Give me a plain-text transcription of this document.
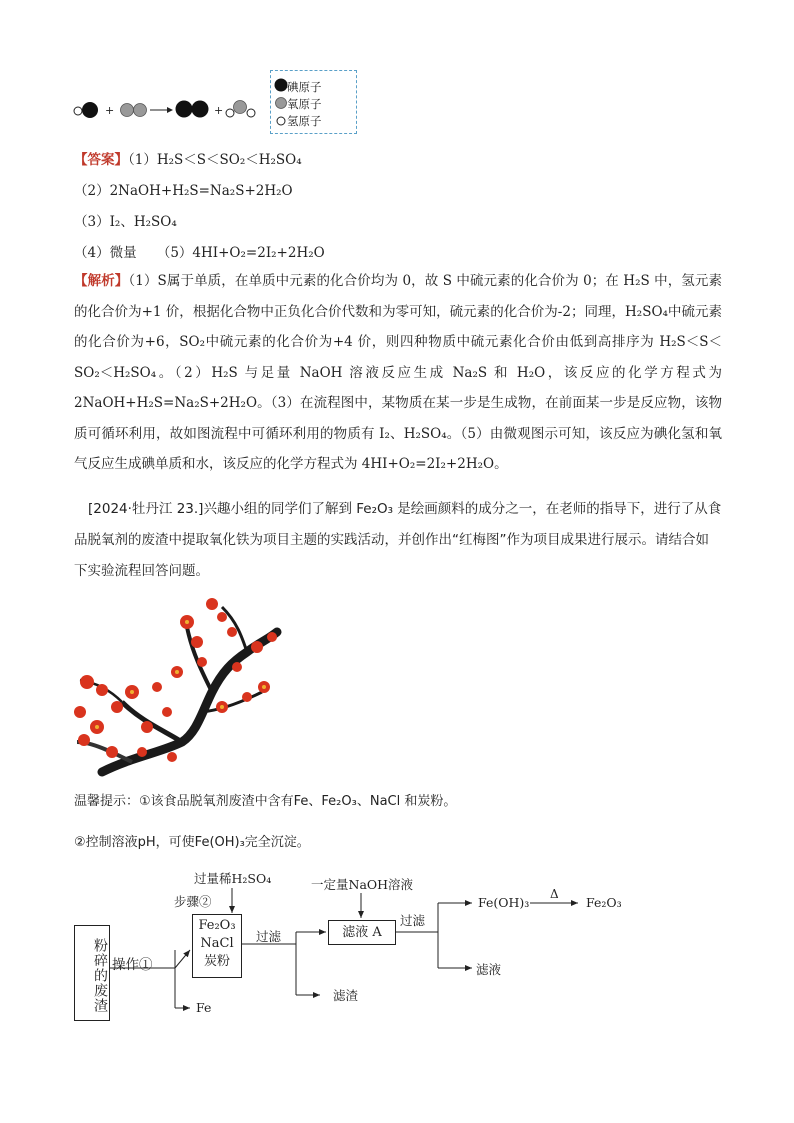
+	+
碘原子
氧原子
氢原子
【答案】（1）H₂S＜S＜SO₂＜H₂SO₄
（2）2NaOH+H₂S=Na₂S+2H₂O
（3）I₂、H₂SO₄
（4）微量　　（5）4HI+O₂=2I₂+2H₂O
【解析】（1）S属于单质，在单质中元素的化合价均为 0，故 S 中硫元素的化合价为 0；在 H₂S 中，氢元素的化合价为+1 价，根据化合物中正负化合价代数和为零可知，硫元素的化合价为-2；同理，H₂SO₄中硫元素的化合价为+6，SO₂中硫元素的化合价为+4 价，则四种物质中硫元素化合价由低到高排序为 H₂S＜S＜SO₂＜H₂SO₄。（2）H₂S 与足量 NaOH 溶液反应生成 Na₂S 和 H₂O，该反应的化学方程式为2NaOH+H₂S=Na₂S+2H₂O。（3）在流程图中，某物质在某一步是生成物，在前面某一步是反应物，该物质可循环利用，故如图流程中可循环利用的物质有 I₂、H₂SO₄。（5）由微观图示可知，该反应为碘化氢和氧气反应生成碘单质和水，该反应的化学方程式为 4HI+O₂=2I₂+2H₂O。
[2024·牡丹江 23.]兴趣小组的同学们了解到 Fe₂O₃ 是绘画颜料的成分之一，在老师的指导下，进行了从食品脱氧剂的废渣中提取氧化铁为项目主题的实践活动，并创作出“红梅图”作为项目成果进行展示。请结合如下实验流程回答问题。
温馨提示：①该食品脱氧剂废渣中含有Fe、Fe₂O₃、NaCl 和炭粉。
②控制溶液pH，可使Fe(OH)₃完全沉淀。
粉碎的废渣 操作①
Fe
Fe₂O₃
NaCl
炭粉
过量稀H₂SO₄
步骤②
过滤
滤渣
一定量NaOH溶液
滤液 A
过滤
Fe(OH)₃
Δ
Fe₂O₃
滤液
